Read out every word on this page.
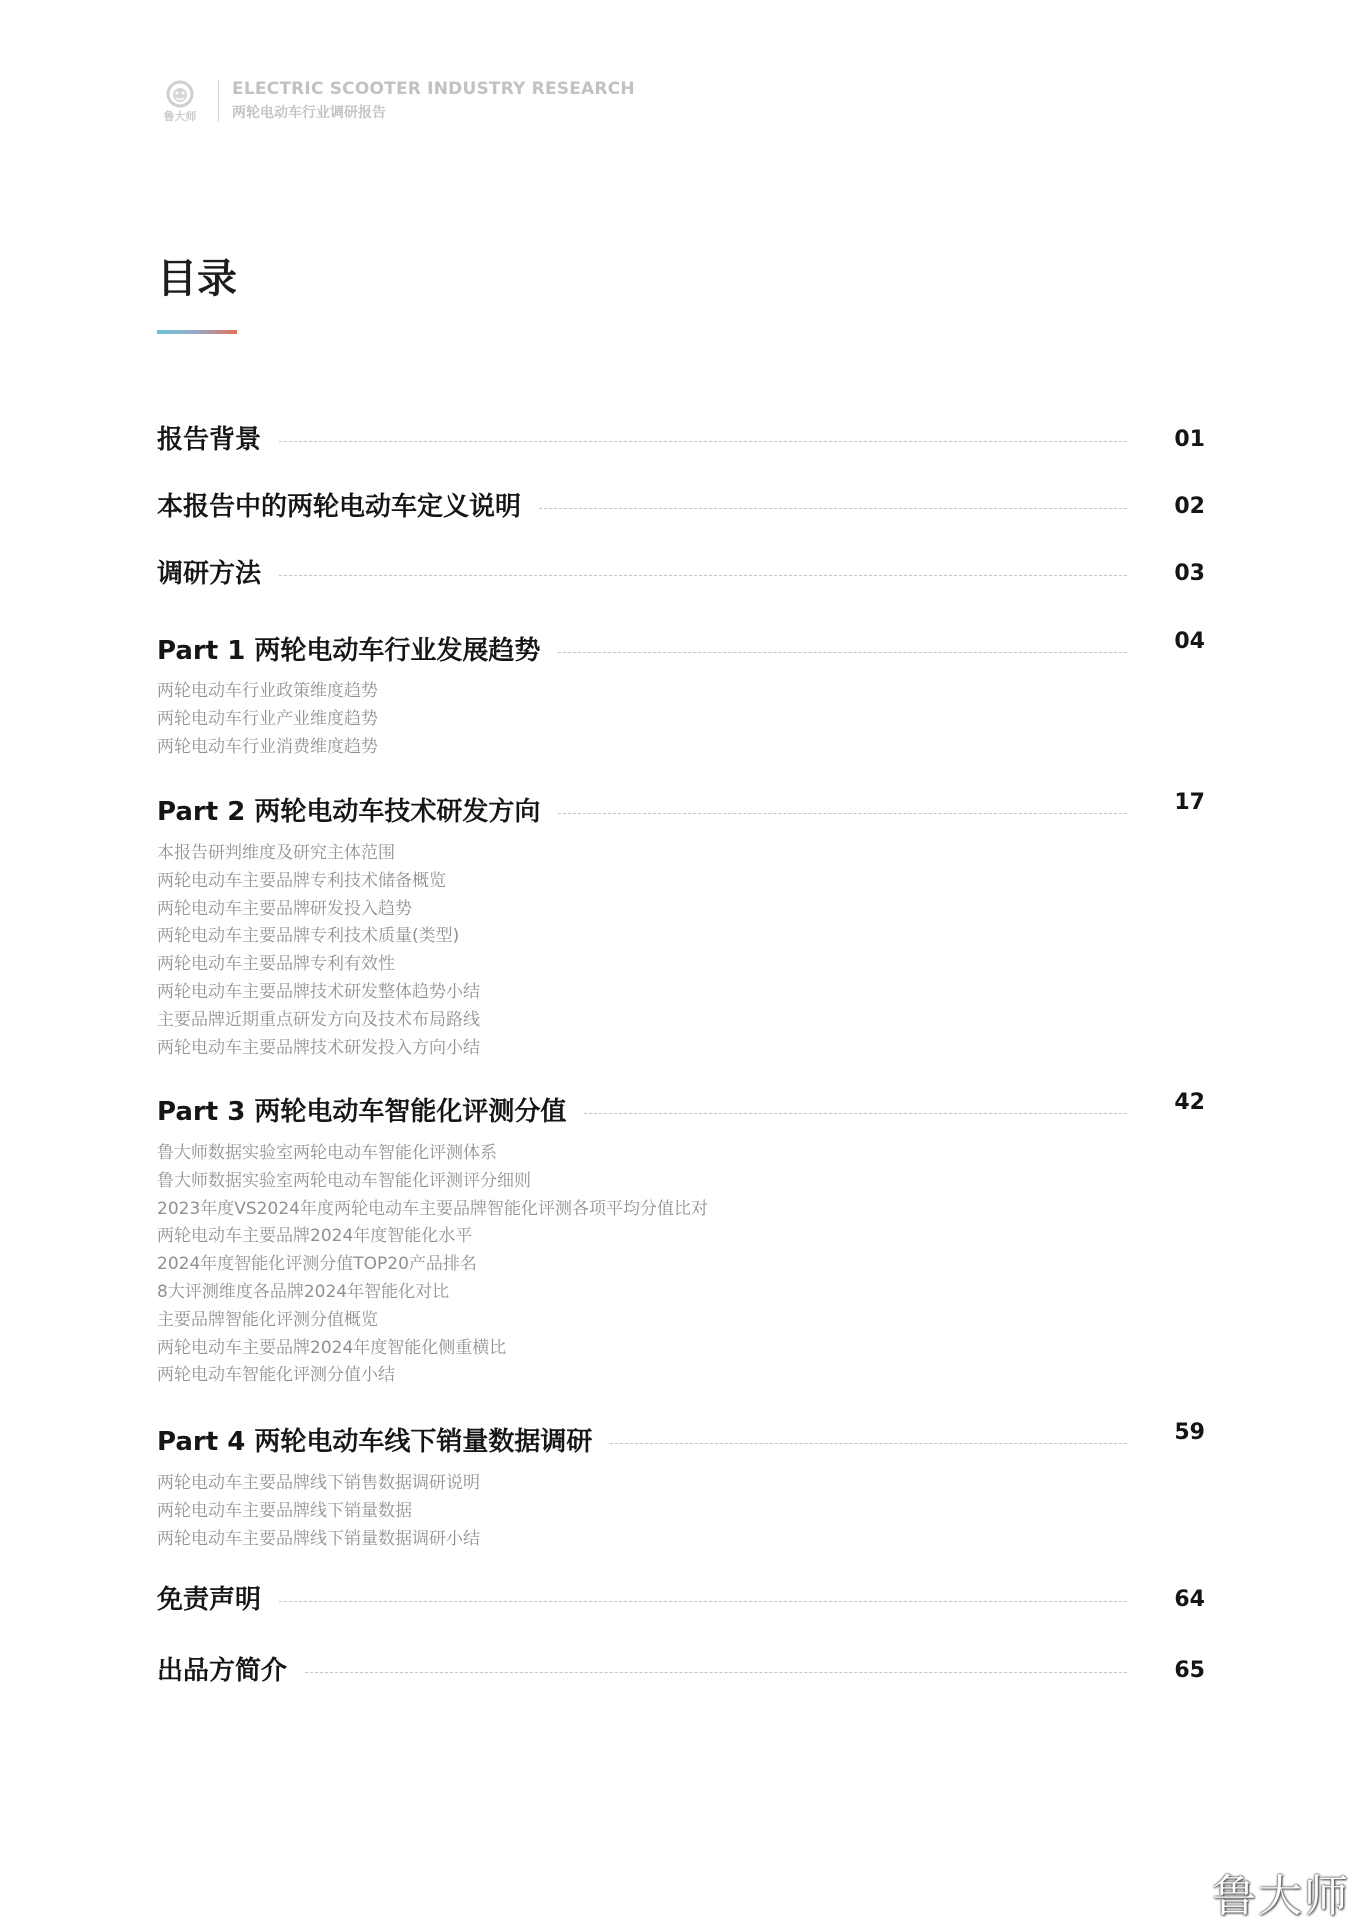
鲁大师
ELECTRIC SCOOTER INDUSTRY RESEARCH
两轮电动车行业调研报告
目录
报告背景	01
本报告中的两轮电动车定义说明	02
调研方法	03
Part 1 两轮电动车行业发展趋势	04
两轮电动车行业政策维度趋势
两轮电动车行业产业维度趋势
两轮电动车行业消费维度趋势
Part 2 两轮电动车技术研发方向	17
本报告研判维度及研究主体范围
两轮电动车主要品牌专利技术储备概览
两轮电动车主要品牌研发投入趋势
两轮电动车主要品牌专利技术质量(类型)
两轮电动车主要品牌专利有效性
两轮电动车主要品牌技术研发整体趋势小结
主要品牌近期重点研发方向及技术布局路线
两轮电动车主要品牌技术研发投入方向小结
Part 3 两轮电动车智能化评测分值	42
鲁大师数据实验室两轮电动车智能化评测体系
鲁大师数据实验室两轮电动车智能化评测评分细则
2023年度VS2024年度两轮电动车主要品牌智能化评测各项平均分值比对
两轮电动车主要品牌2024年度智能化水平
2024年度智能化评测分值TOP20产品排名
8大评测维度各品牌2024年智能化对比
主要品牌智能化评测分值概览
两轮电动车主要品牌2024年度智能化侧重横比
两轮电动车智能化评测分值小结
Part 4 两轮电动车线下销量数据调研	59
两轮电动车主要品牌线下销售数据调研说明
两轮电动车主要品牌线下销量数据
两轮电动车主要品牌线下销量数据调研小结
免责声明	64
出品方简介	65
鲁大师
